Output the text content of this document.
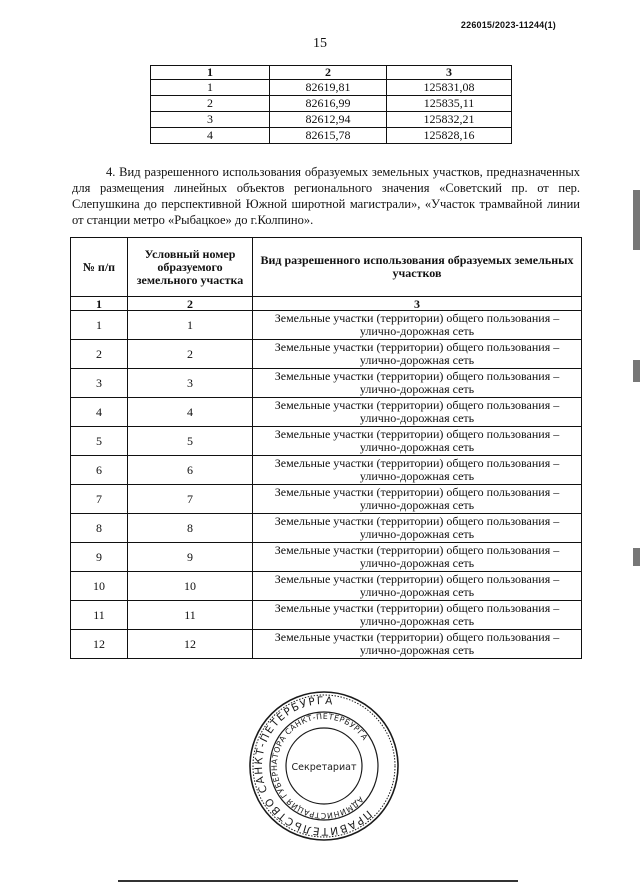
226015/2023-11244(1)
15
1	2	3
1	82619,81	125831,08
2	82616,99	125835,11
3	82612,94	125832,21
4	82615,78	125828,16

4. Вид разрешенного использования образуемых земельных участков, предназначенных для размещения линейных объектов регионального значения «Советский пр. от пер. Слепушкина до перспективной Южной широтной магистрали», «Участок трамвайной линии от станции метро «Рыбацкое» до г.Колпино».

№ п/п	Условный номер образуемого земельного участка	Вид разрешенного использования образуемых земельных участков
1	2	3
1	1	Земельные участки (территории) общего пользования – улично-дорожная сеть
2	2	Земельные участки (территории) общего пользования – улично-дорожная сеть
3	3	Земельные участки (территории) общего пользования – улично-дорожная сеть
4	4	Земельные участки (территории) общего пользования – улично-дорожная сеть
5	5	Земельные участки (территории) общего пользования – улично-дорожная сеть
6	6	Земельные участки (территории) общего пользования – улично-дорожная сеть
7	7	Земельные участки (территории) общего пользования – улично-дорожная сеть
8	8	Земельные участки (территории) общего пользования – улично-дорожная сеть
9	9	Земельные участки (территории) общего пользования – улично-дорожная сеть
10	10	Земельные участки (территории) общего пользования – улично-дорожная сеть
11	11	Земельные участки (территории) общего пользования – улично-дорожная сеть
12	12	Земельные участки (территории) общего пользования – улично-дорожная сеть
ПРАВИТЕЛЬСТВО САНКТ-ПЕТЕРБУРГА
АДМИНИСТРАЦИЯ ГУБЕРНАТОРА САНКТ-ПЕТЕРБУРГА
Секретариат
